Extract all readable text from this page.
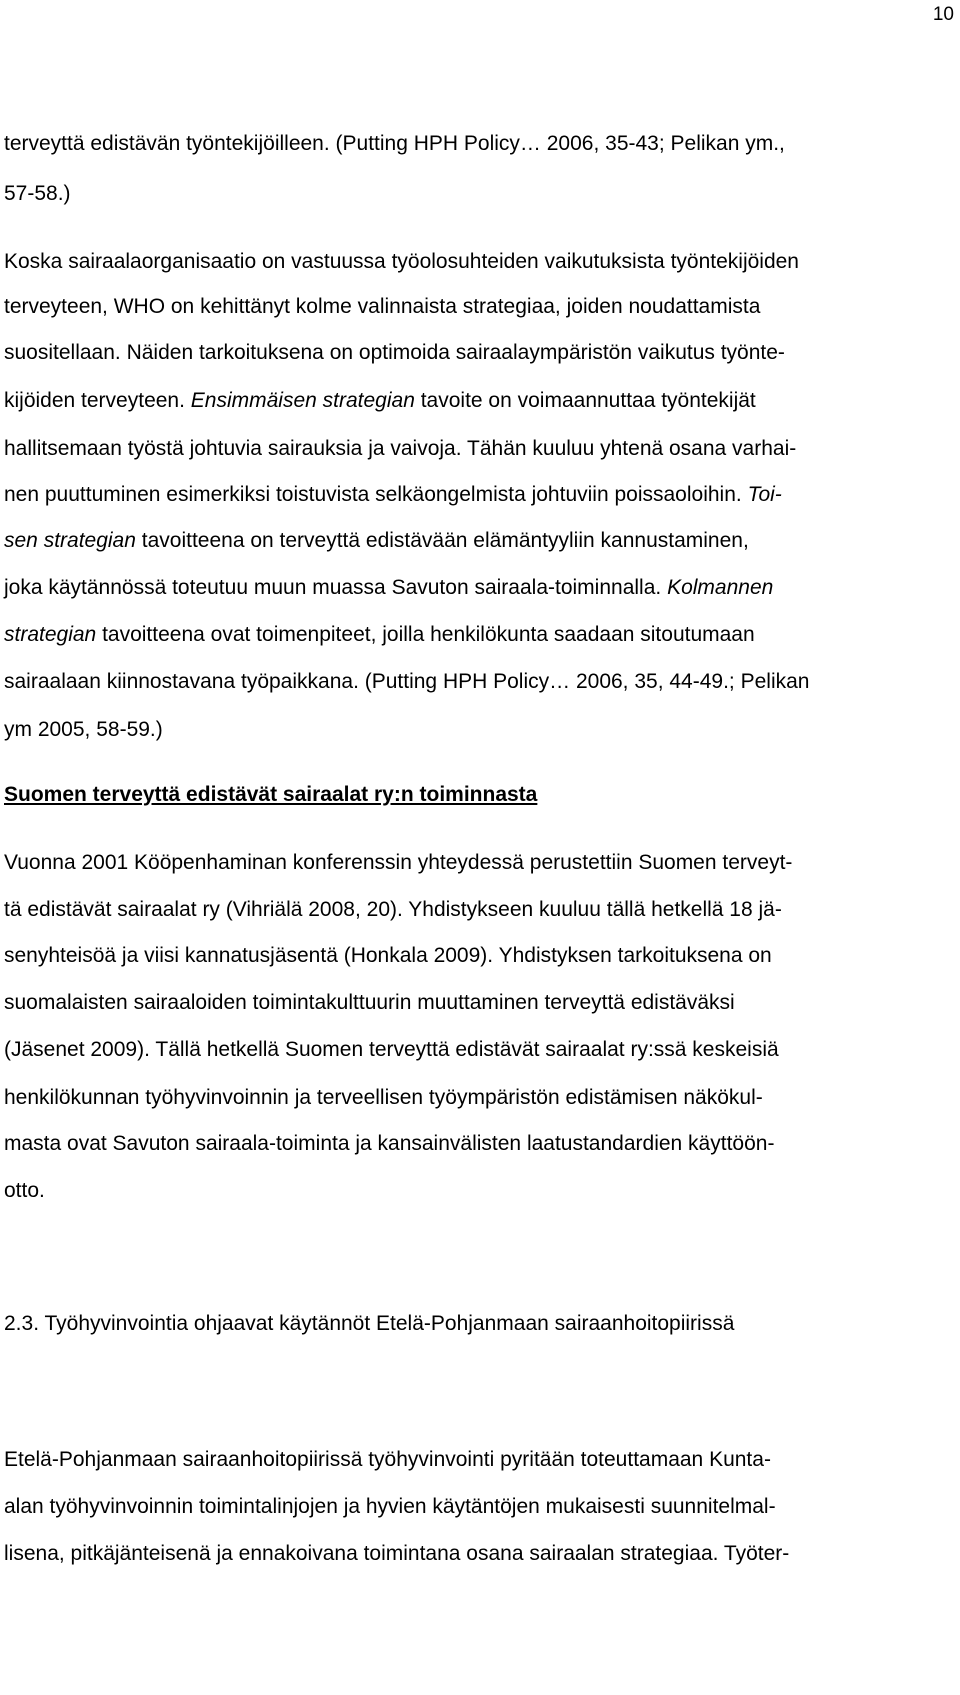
10
terveyttä edistävän työntekijöilleen. (Putting HPH Policy… 2006, 35-43; Pelikan ym.,
57-58.)
Koska sairaalaorganisaatio on vastuussa työolosuhteiden vaikutuksista työntekijöiden
terveyteen, WHO on kehittänyt kolme valinnaista strategiaa, joiden noudattamista
suositellaan. Näiden tarkoituksena on optimoida sairaalaympäristön vaikutus työnte-
kijöiden terveyteen. Ensimmäisen strategian tavoite on voimaannuttaa työntekijät
hallitsemaan työstä johtuvia sairauksia ja vaivoja. Tähän kuuluu yhtenä osana varhai-
nen puuttuminen esimerkiksi toistuvista selkäongelmista johtuviin poissaoloihin. Toi-
sen strategian tavoitteena on terveyttä edistävään elämäntyyliin kannustaminen,
joka käytännössä toteutuu muun muassa Savuton sairaala-toiminnalla. Kolmannen
strategian tavoitteena ovat toimenpiteet, joilla henkilökunta saadaan sitoutumaan
sairaalaan kiinnostavana työpaikkana. (Putting HPH Policy… 2006, 35, 44-49.; Pelikan
ym 2005, 58-59.)
Suomen terveyttä edistävät sairaalat ry:n toiminnasta
Vuonna 2001 Kööpenhaminan konferenssin yhteydessä perustettiin Suomen terveyt-
tä edistävät sairaalat ry (Vihriälä 2008, 20). Yhdistykseen kuuluu tällä hetkellä 18 jä-
senyhteisöä ja viisi kannatusjäsentä (Honkala 2009). Yhdistyksen tarkoituksena on
suomalaisten sairaaloiden toimintakulttuurin muuttaminen terveyttä edistäväksi
(Jäsenet 2009). Tällä hetkellä Suomen terveyttä edistävät sairaalat ry:ssä keskeisiä
henkilökunnan työhyvinvoinnin ja terveellisen työympäristön edistämisen näkökul-
masta ovat Savuton sairaala-toiminta ja kansainvälisten laatustandardien käyttöön-
otto.
2.3. Työhyvinvointia ohjaavat käytännöt Etelä-Pohjanmaan sairaanhoitopiirissä
Etelä-Pohjanmaan sairaanhoitopiirissä työhyvinvointi pyritään toteuttamaan Kunta-
alan työhyvinvoinnin toimintalinjojen ja hyvien käytäntöjen mukaisesti suunnitelmal-
lisena, pitkäjänteisenä ja ennakoivana toimintana osana sairaalan strategiaa. Työter-
